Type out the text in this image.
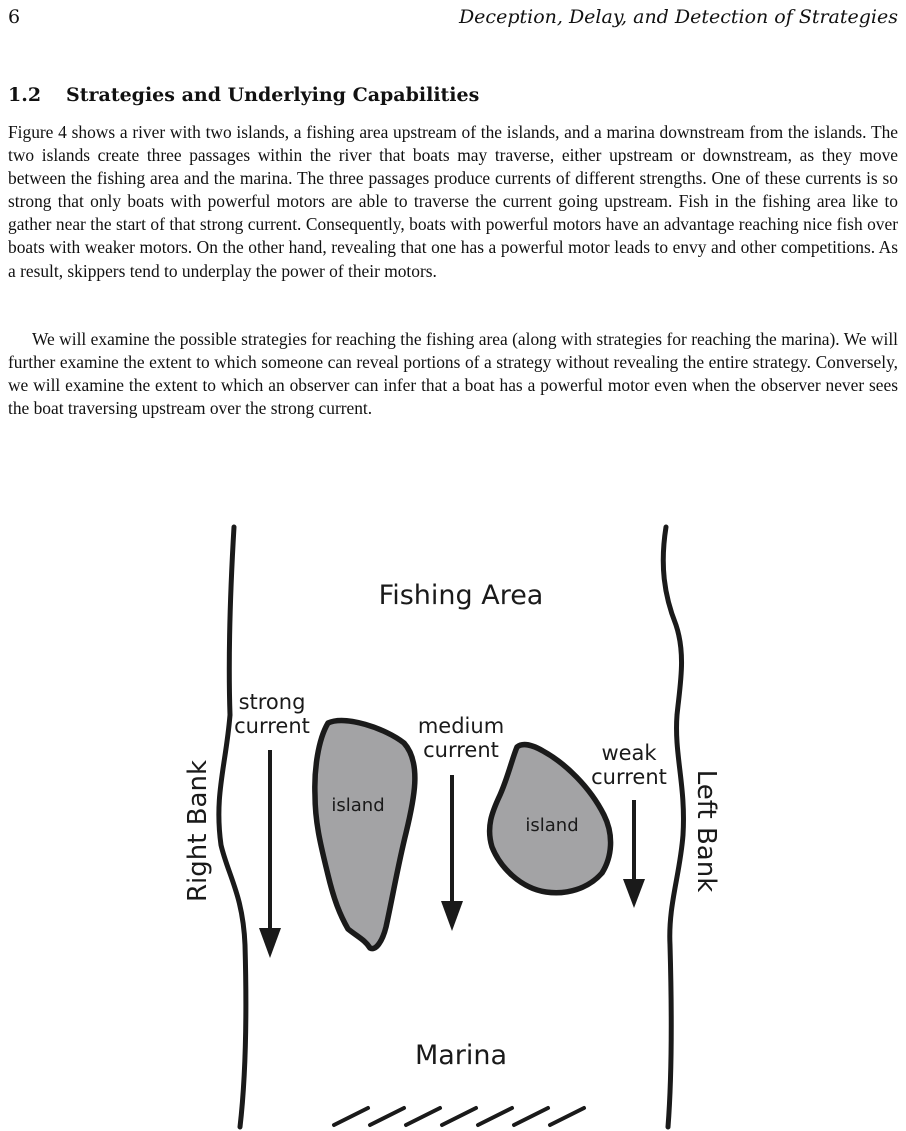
6	Deception, Delay, and Detection of Strategies
1.2 Strategies and Underlying Capabilities
Figure 4 shows a river with two islands, a fishing area upstream of the islands, and a marina downstream from the islands. The two islands create three passages within the river that boats may traverse, either upstream or downstream, as they move between the fishing area and the marina. The three passages produce currents of different strengths. One of these currents is so strong that only boats with powerful motors are able to traverse the current going upstream. Fish in the fishing area like to gather near the start of that strong current. Consequently, boats with powerful motors have an advantage reaching nice fish over boats with weaker motors. On the other hand, revealing that one has a powerful motor leads to envy and other competitions. As a result, skippers tend to underplay the power of their motors.
We will examine the possible strategies for reaching the fishing area (along with strategies for reaching the marina). We will further examine the extent to which someone can reveal portions of a strategy without revealing the entire strategy. Conversely, we will examine the extent to which an observer can infer that a boat has a powerful motor even when the observer never sees the boat traversing upstream over the strong current.
Fishing Area
Marina
strong
current	medium
current	weak
current
island
island
Right Bank	Left Bank
